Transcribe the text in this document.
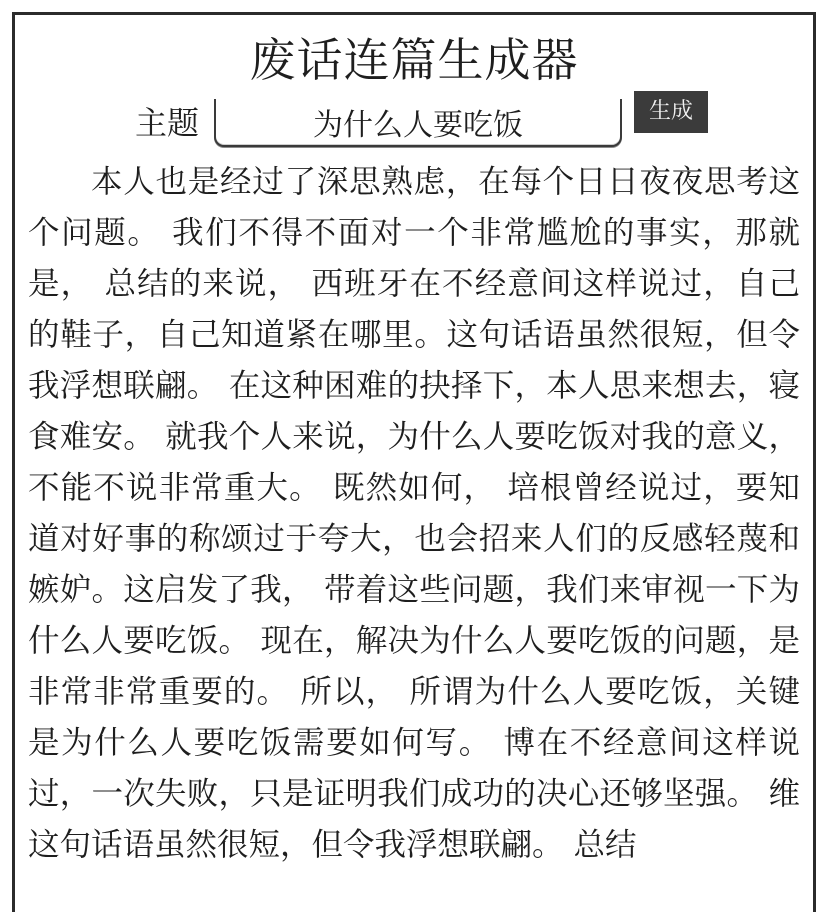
废话连篇生成器
主题
为什么人要吃饭	生成

本人也是经过了深思熟虑，在每个日日夜夜思考这个问题。 我们不得不面对一个非常尴尬的事实，那就是， 总结的来说， 西班牙在不经意间这样说过，自己的鞋子，自己知道紧在哪里。这句话语虽然很短，但令我浮想联翩。 在这种困难的抉择下，本人思来想去，寝食难安。 就我个人来说，为什么人要吃饭对我的意义，不能不说非常重大。 既然如何， 培根曾经说过，要知道对好事的称颂过于夸大，也会招来人们的反感轻蔑和嫉妒。这启发了我， 带着这些问题，我们来审视一下为什么人要吃饭。 现在，解决为什么人要吃饭的问题，是非常非常重要的。 所以， 所谓为什么人要吃饭，关键是为什么人要吃饭需要如何写。 博在不经意间这样说过，一次失败，只是证明我们成功的决心还够坚强。 维这句话语虽然很短，但令我浮想联翩。 总结
